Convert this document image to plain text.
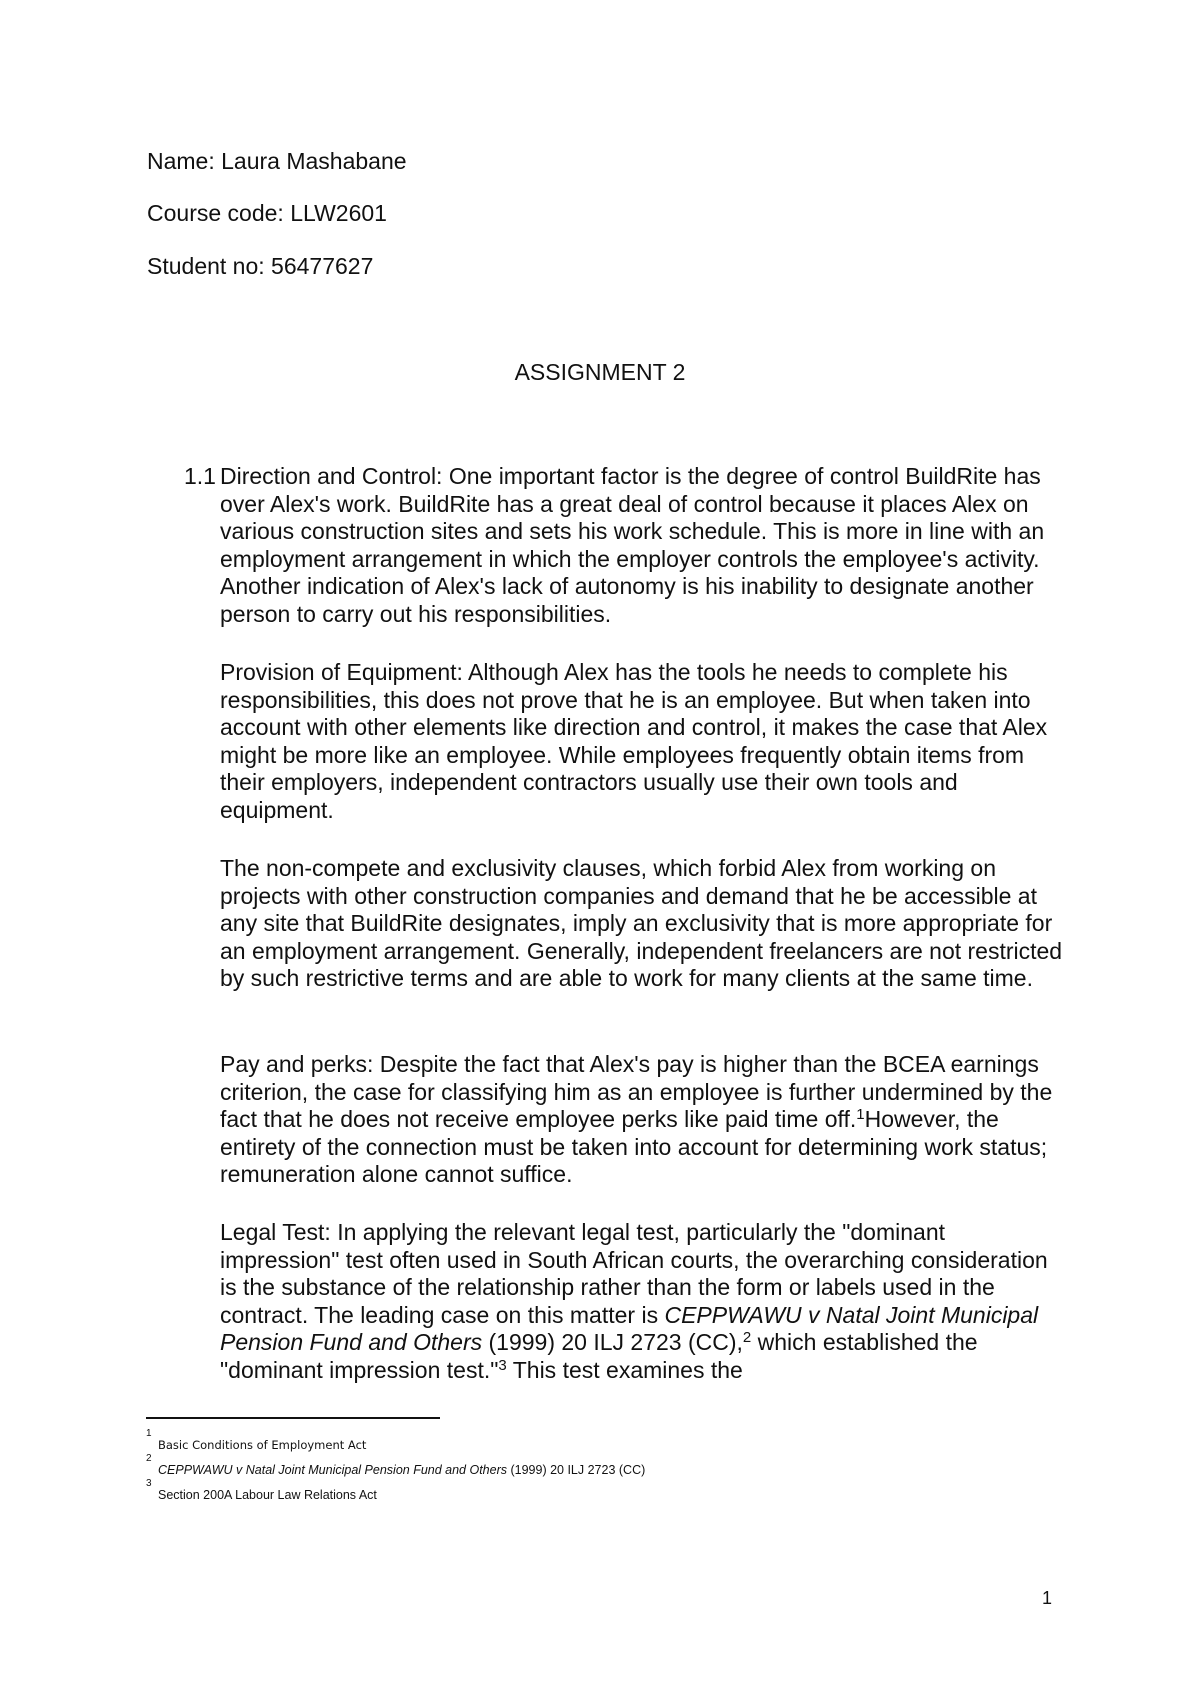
Name: Laura Mashabane
Course code: LLW2601
Student no: 56477627
ASSIGNMENT 2
1.1 Direction and Control: One important factor is the degree of control BuildRite has over Alex's work. BuildRite has a great deal of control because it places Alex on various construction sites and sets his work schedule. This is more in line with an employment arrangement in which the employer controls the employee's activity. Another indication of Alex's lack of autonomy is his inability to designate another person to carry out his responsibilities.

Provision of Equipment: Although Alex has the tools he needs to complete his responsibilities, this does not prove that he is an employee. But when taken into account with other elements like direction and control, it makes the case that Alex might be more like an employee. While employees frequently obtain items from their employers, independent contractors usually use their own tools and equipment.

The non-compete and exclusivity clauses, which forbid Alex from working on projects with other construction companies and demand that he be accessible at any site that BuildRite designates, imply an exclusivity that is more appropriate for an employment arrangement. Generally, independent freelancers are not restricted by such restrictive terms and are able to work for many clients at the same time.

Pay and perks: Despite the fact that Alex's pay is higher than the BCEA earnings criterion, the case for classifying him as an employee is further undermined by the fact that he does not receive employee perks like paid time off.$^1$However, the entirety of the connection must be taken into account for determining work status; remuneration alone cannot suffice.

Legal Test: In applying the relevant legal test, particularly the "dominant impression" test often used in South African courts, the overarching consideration is the substance of the relationship rather than the form or labels used in the contract. The leading case on this matter is CEPPWAWU v Natal Joint Municipal Pension Fund and Others (1999) 20 ILJ 2723 (CC),$^2$ which established the "dominant impression test."$^3$ This test examines the

1
Basic Conditions of Employment Act
2
CEPPWAWU v Natal Joint Municipal Pension Fund and Others (1999) 20 ILJ 2723 (CC)
3
Section 200A Labour Law Relations Act
1
